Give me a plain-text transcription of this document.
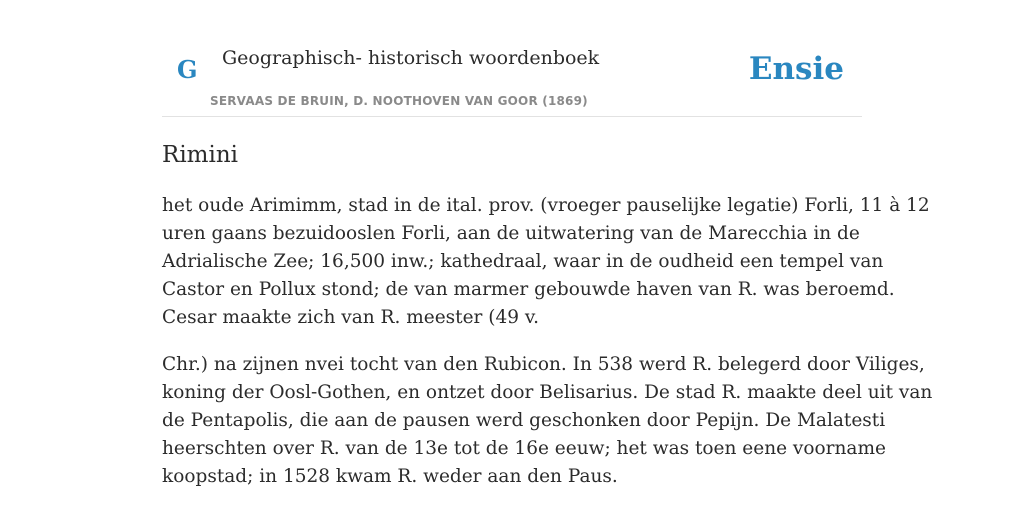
G Geographisch- historisch woordenboek
SERVAAS DE BRUIN, D. NOOTHOVEN VAN GOOR (1869)
Ensie
Rimini

het oude Arimimm, stad in de ital. prov. (vroeger pauselijke legatie) Forli, 11 à 12
uren gaans bezuidooslen Forli, aan de uitwatering van de Marecchia in de
Adrialische Zee; 16,500 inw.; kathedraal, waar in de oudheid een tempel van
Castor en Pollux stond; de van marmer gebouwde haven van R. was beroemd.
Cesar maakte zich van R. meester (49 v.

Chr.) na zijnen nvei tocht van den Rubicon. In 538 werd R. belegerd door Viliges,
koning der Oosl-Gothen, en ontzet door Belisarius. De stad R. maakte deel uit van
de Pentapolis, die aan de pausen werd geschonken door Pepijn. De Malatesti
heerschten over R. van de 13e tot de 16e eeuw; het was toen eene voorname
koopstad; in 1528 kwam R. weder aan den Paus.
